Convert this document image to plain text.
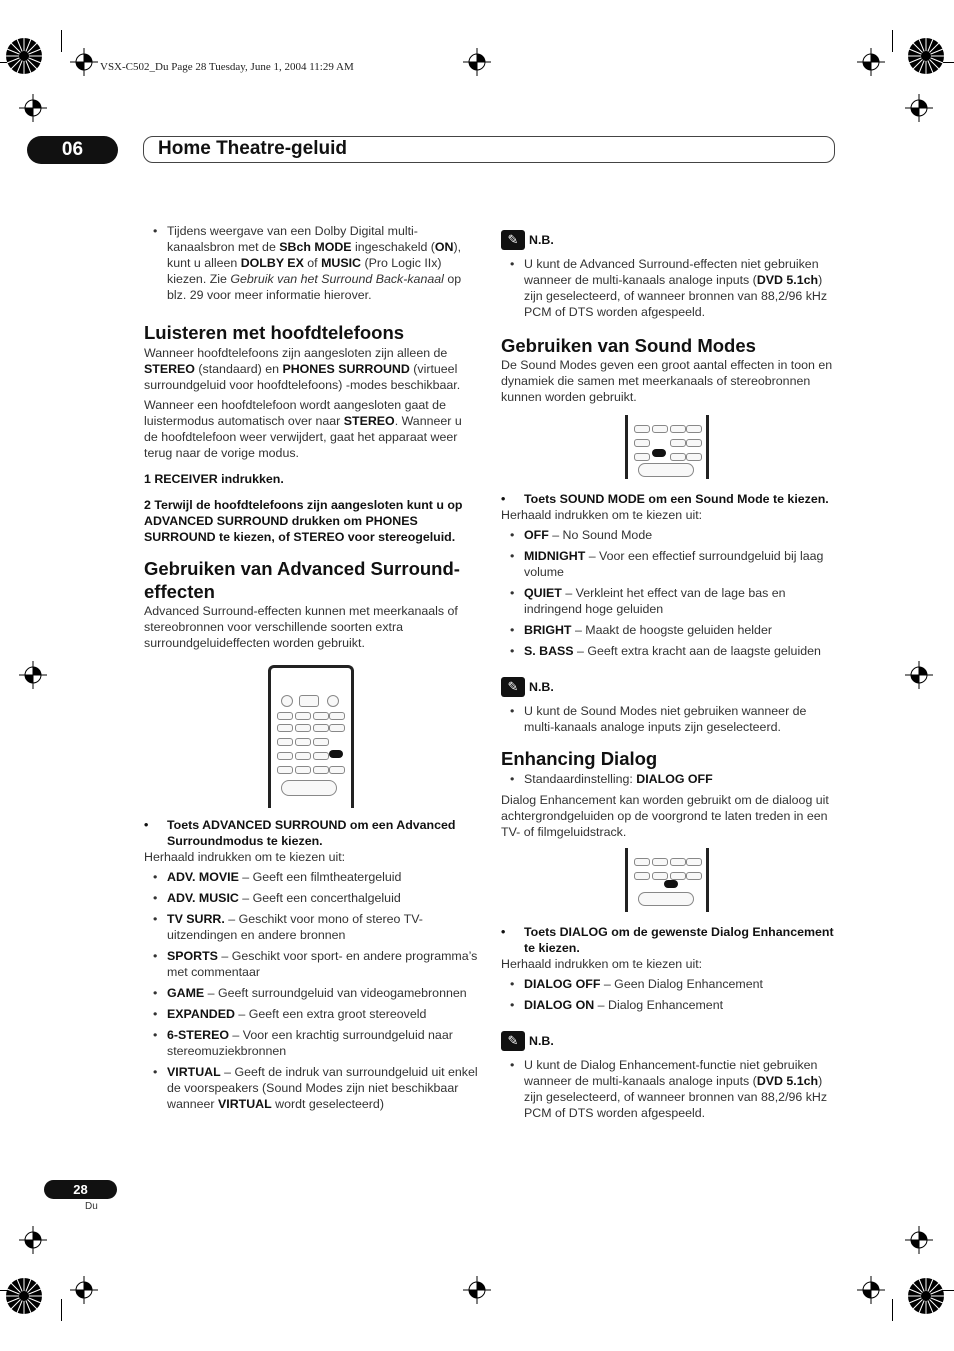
VSX-C502_Du Page 28 Tuesday, June 1, 2004 11:29 AM
06	Home Theatre-geluid
• Tijdens weergave van een Dolby Digital multi-kanaalsbron met de SBch MODE ingeschakeld (ON), kunt u alleen DOLBY EX of MUSIC (Pro Logic IIx) kiezen. Zie Gebruik van het Surround Back-kanaal op blz. 29 voor meer informatie hierover.
Luisteren met hoofdtelefoons

Wanneer hoofdtelefoons zijn aangesloten zijn alleen de STEREO (standaard) en PHONES SURROUND (virtueel surroundgeluid voor hoofdtelefoons) -modes beschikbaar.

Wanneer een hoofdtelefoon wordt aangesloten gaat de luistermodus automatisch over naar STEREO. Wanneer u de hoofdtelefoon weer verwijdert, gaat het apparaat weer terug naar de vorige modus.

1 RECEIVER indrukken.

2 Terwijl de hoofdtelefoons zijn aangesloten kunt u op ADVANCED SURROUND drukken om PHONES SURROUND te kiezen, of STEREO voor stereogeluid.

Gebruiken van Advanced Surround-effecten

Advanced Surround-effecten kunnen met meerkanaals of stereobronnen voor verschillende soorten extra surroundgeluideffecten worden gebruikt.

• Toets ADVANCED SURROUND om een Advanced Surroundmodus te kiezen.

Herhaald indrukken om te kiezen uit:

• ADV. MOVIE – Geeft een filmtheatergeluid
• ADV. MUSIC – Geeft een concerthalgeluid
• TV SURR. – Geschikt voor mono of stereo TV-uitzendingen en andere bronnen
• SPORTS – Geschikt voor sport- en andere programma’s met commentaar
• GAME – Geeft surroundgeluid van videogamebronnen
• EXPANDED – Geeft een extra groot stereoveld
• 6-STEREO – Voor een krachtig surroundgeluid naar stereomuziekbronnen
• VIRTUAL – Geeft de indruk van surroundgeluid uit enkel de voorspeakers (Sound Modes zijn niet beschikbaar wanneer VIRTUAL wordt geselecteerd)
✎ N.B.
• U kunt de Advanced Surround-effecten niet gebruiken wanneer de multi-kanaals analoge inputs (DVD 5.1ch) zijn geselecteerd, of wanneer bronnen van 88,2/96 kHz PCM of DTS worden afgespeeld.
Gebruiken van Sound Modes

De Sound Modes geven een groot aantal effecten in toon en dynamiek die samen met meerkanaals of stereobronnen kunnen worden gebruikt.

• Toets SOUND MODE om een Sound Mode te kiezen.

Herhaald indrukken om te kiezen uit:

• OFF – No Sound Mode
• MIDNIGHT – Voor een effectief surroundgeluid bij laag volume
• QUIET – Verkleint het effect van de lage bas en indringend hoge geluiden
• BRIGHT – Maakt de hoogste geluiden helder
• S. BASS – Geeft extra kracht aan de laagste geluiden
✎ N.B.
• U kunt de Sound Modes niet gebruiken wanneer de multi-kanaals analoge inputs zijn geselecteerd.
Enhancing Dialog
• Standaardinstelling: DIALOG OFF

Dialog Enhancement kan worden gebruikt om de dialoog uit achtergrondgeluiden op de voorgrond te laten treden in een TV- of filmgeluidstrack.

• Toets DIALOG om de gewenste Dialog Enhancement te kiezen.

Herhaald indrukken om te kiezen uit:

• DIALOG OFF – Geen Dialog Enhancement
• DIALOG ON – Dialog Enhancement
✎ N.B.
• U kunt de Dialog Enhancement-functie niet gebruiken wanneer de multi-kanaals analoge inputs (DVD 5.1ch) zijn geselecteerd, of wanneer bronnen van 88,2/96 kHz PCM of DTS worden afgespeeld.
28
Du
